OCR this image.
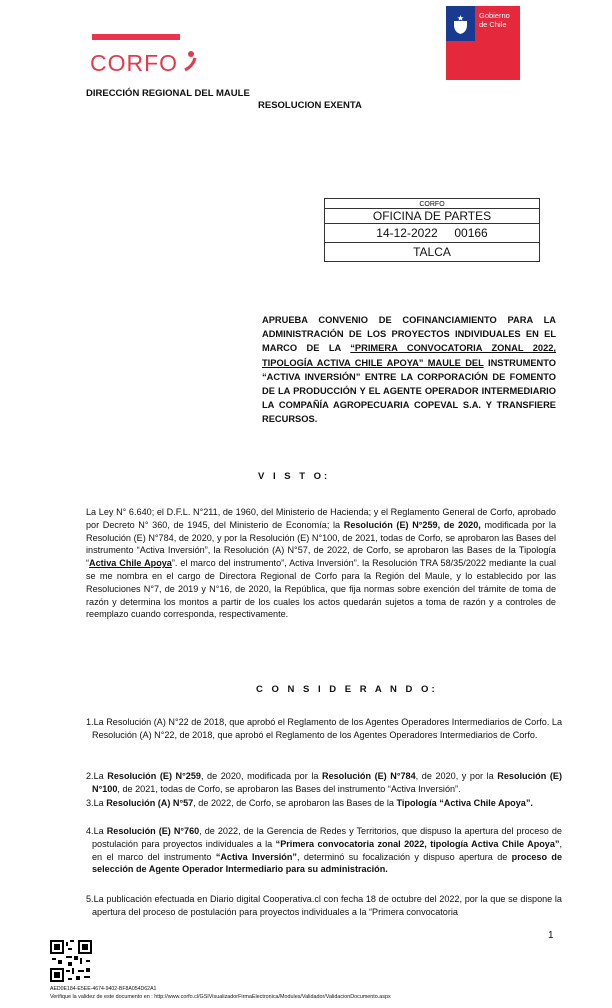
CORFO
Gobierno
de Chile
DIRECCIÓN REGIONAL DEL MAULE
RESOLUCION EXENTA
CORFO
OFICINA DE PARTES
14-12-2022 00166
TALCA
APRUEBA CONVENIO DE COFINANCIAMIENTO PARA LA ADMINISTRACIÓN DE LOS PROYECTOS INDIVIDUALES EN EL MARCO DE LA “PRIMERA CONVOCATORIA ZONAL 2022, TIPOLOGÍA ACTIVA CHILE APOYA” MAULE DEL INSTRUMENTO “ACTIVA INVERSIÓN” ENTRE LA CORPORACIÓN DE FOMENTO DE LA PRODUCCIÓN Y EL AGENTE OPERADOR INTERMEDIARIO LA COMPAÑÍA AGROPECUARIA COPEVAL S.A. Y TRANSFIERE RECURSOS.
V I S T O:
La Ley N° 6.640; el D.F.L. N°211, de 1960, del Ministerio de Hacienda; y el Reglamento General de Corfo, aprobado por Decreto N° 360, de 1945, del Ministerio de Economía; la Resolución (E) N°259, de 2020, modificada por la Resolución (E) N°784, de 2020, y por la Resolución (E) N°100, de 2021, todas de Corfo, se aprobaron las Bases del instrumento “Activa Inversión”, la Resolución (A) N°57, de 2022, de Corfo, se aprobaron las Bases de la Tipología “Activa Chile Apoya”. el marco del instrumento”, Activa Inversión”. la Resolución TRA 58/35/2022 mediante la cual se me nombra en el cargo de Directora Regional de Corfo para la Región del Maule, y lo establecido por las Resoluciones N°7, de 2019 y N°16, de 2020, la República, que fija normas sobre exención del trámite de toma de razón y determina los montos a partir de los cuales los actos quedarán sujetos a toma de razón y a controles de reemplazo cuando corresponda, respectivamente.
C O N S I D E R A N D O:
1.La Resolución (A) N°22 de 2018, que aprobó el Reglamento de los Agentes Operadores Intermediarios de Corfo. La Resolución (A) N°22, de 2018, que aprobó el Reglamento de los Agentes Operadores Intermediarios de Corfo.
2.La Resolución (E) N°259, de 2020, modificada por la Resolución (E) N°784, de 2020, y por la Resolución (E) N°100, de 2021, todas de Corfo, se aprobaron las Bases del instrumento “Activa Inversión”.
3.La Resolución (A) N°57, de 2022, de Corfo, se aprobaron las Bases de la Tipología “Activa Chile Apoya”.
4.La Resolución (E) N°760, de 2022, de la Gerencia de Redes y Territorios, que dispuso la apertura del proceso de postulación para proyectos individuales a la “Primera convocatoria zonal 2022, tipología Activa Chile Apoya”, en el marco del instrumento “Activa Inversión”, determinó su focalización y dispuso apertura de proceso de selección de Agente Operador Intermediario para su administración.
5.La publicación efectuada en Diario digital Cooperativa.cl con fecha 18 de octubre del 2022, por la que se dispone la apertura del proceso de postulación para proyectos individuales a la “Primera convocatoria
1
AED0E184-E5EE-4674-9402-BF8A054D62A1
Verifique la validez de este documento en : http://www.corfo.cl/GSIVisualizadorFirmaElectronica/Modules/Validador/ValidacionDocumento.aspx
